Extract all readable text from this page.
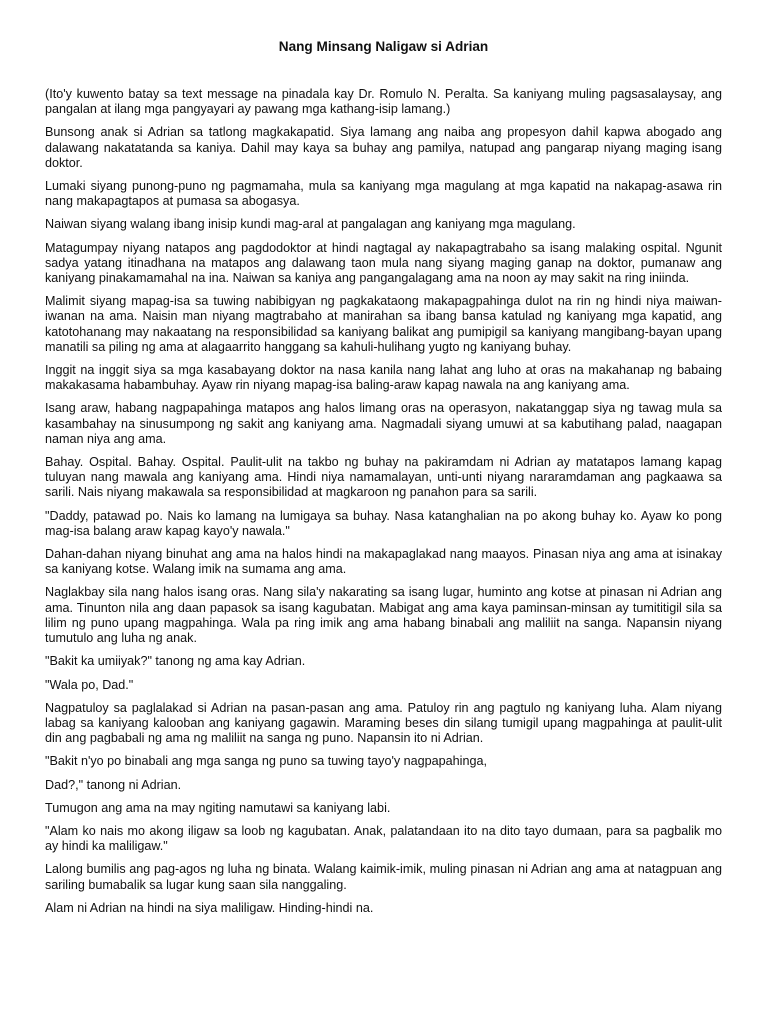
Nang Minsang Naligaw si Adrian

(Ito'y kuwento batay sa text message na pinadala kay Dr. Romulo N. Peralta. Sa kaniyang muling pagsasalaysay, ang pangalan at ilang mga pangyayari ay pawang mga kathang-isip lamang.)

Bunsong anak si Adrian sa tatlong magkakapatid. Siya lamang ang naiba ang propesyon dahil kapwa abogado ang dalawang nakatatanda sa kaniya. Dahil may kaya sa buhay ang pamilya, natupad ang pangarap niyang maging isang doktor.

Lumaki siyang punong-puno ng pagmamaha, mula sa kaniyang mga magulang at mga kapatid na nakapag-asawa rin nang makapagtapos at pumasa sa abogasya.

Naiwan siyang walang ibang inisip kundi mag-aral at pangalagan ang kaniyang mga magulang.

Matagumpay niyang natapos ang pagdodoktor at hindi nagtagal ay nakapagtrabaho sa isang malaking ospital. Ngunit sadya yatang itinadhana na matapos ang dalawang taon mula nang siyang maging ganap na doktor, pumanaw ang kaniyang pinakamamahal na ina. Naiwan sa kaniya ang pangangalagang ama na noon ay may sakit na ring iniinda.

Malimit siyang mapag-isa sa tuwing nabibigyan ng pagkakataong makapagpahinga dulot na rin ng hindi niya maiwan-iwanan na ama. Naisin man niyang magtrabaho at manirahan sa ibang bansa katulad ng kaniyang mga kapatid, ang katotohanang may nakaatang na responsibilidad sa kaniyang balikat ang pumipigil sa kaniyang mangibang-bayan upang manatili sa piling ng ama at alagaarrito hanggang sa kahuli-hulihang yugto ng kaniyang buhay.

Inggit na inggit siya sa mga kasabayang doktor na nasa kanila nang lahat ang luho at oras na makahanap ng babaing makakasama habambuhay. Ayaw rin niyang mapag-isa baling-araw kapag nawala na ang kaniyang ama.

Isang araw, habang nagpapahinga matapos ang halos limang oras na operasyon, nakatanggap siya ng tawag mula sa kasambahay na sinusumpong ng sakit ang kaniyang ama. Nagmadali siyang umuwi at sa kabutihang palad, naagapan naman niya ang ama.

Bahay. Ospital. Bahay. Ospital. Paulit-ulit na takbo ng buhay na pakiramdam ni Adrian ay matatapos lamang kapag tuluyan nang mawala ang kaniyang ama. Hindi niya namamalayan, unti-unti niyang nararamdaman ang pagkaawa sa sarili. Nais niyang makawala sa responsibilidad at magkaroon ng panahon para sa sarili.

"Daddy, patawad po. Nais ko lamang na lumigaya sa buhay. Nasa katanghalian na po akong buhay ko. Ayaw ko pong mag-isa balang araw kapag kayo'y nawala."

Dahan-dahan niyang binuhat ang ama na halos hindi na makapaglakad nang maayos. Pinasan niya ang ama at isinakay sa kaniyang kotse. Walang imik na sumama ang ama.

Naglakbay sila nang halos isang oras. Nang sila'y nakarating sa isang lugar, huminto ang kotse at pinasan ni Adrian ang ama. Tinunton nila ang daan papasok sa isang kagubatan. Mabigat ang ama kaya paminsan-minsan ay tumititigil sila sa lilim ng puno upang magpahinga. Wala pa ring imik ang ama habang binabali ang maliliit na sanga. Napansin niyang tumutulo ang luha ng anak.

"Bakit ka umiiyak?" tanong ng ama kay Adrian.

"Wala po, Dad."

Nagpatuloy sa paglalakad si Adrian na pasan-pasan ang ama. Patuloy rin ang pagtulo ng kaniyang luha. Alam niyang labag sa kaniyang kalooban ang kaniyang gagawin. Maraming beses din silang tumigil upang magpahinga at paulit-ulit din ang pagbabali ng ama ng maliliit na sanga ng puno. Napansin ito ni Adrian.

"Bakit n'yo po binabali ang mga sanga ng puno sa tuwing tayo'y nagpapahinga,

Dad?," tanong ni Adrian.

Tumugon ang ama na may ngiting namutawi sa kaniyang labi.

"Alam ko nais mo akong iligaw sa loob ng kagubatan. Anak, palatandaan ito na dito tayo dumaan, para sa pagbalik mo ay hindi ka maliligaw."

Lalong bumilis ang pag-agos ng luha ng binata. Walang kaimik-imik, muling pinasan ni Adrian ang ama at natagpuan ang sariling bumabalik sa lugar kung saan sila nanggaling.

Alam ni Adrian na hindi na siya maliligaw. Hinding-hindi na.
